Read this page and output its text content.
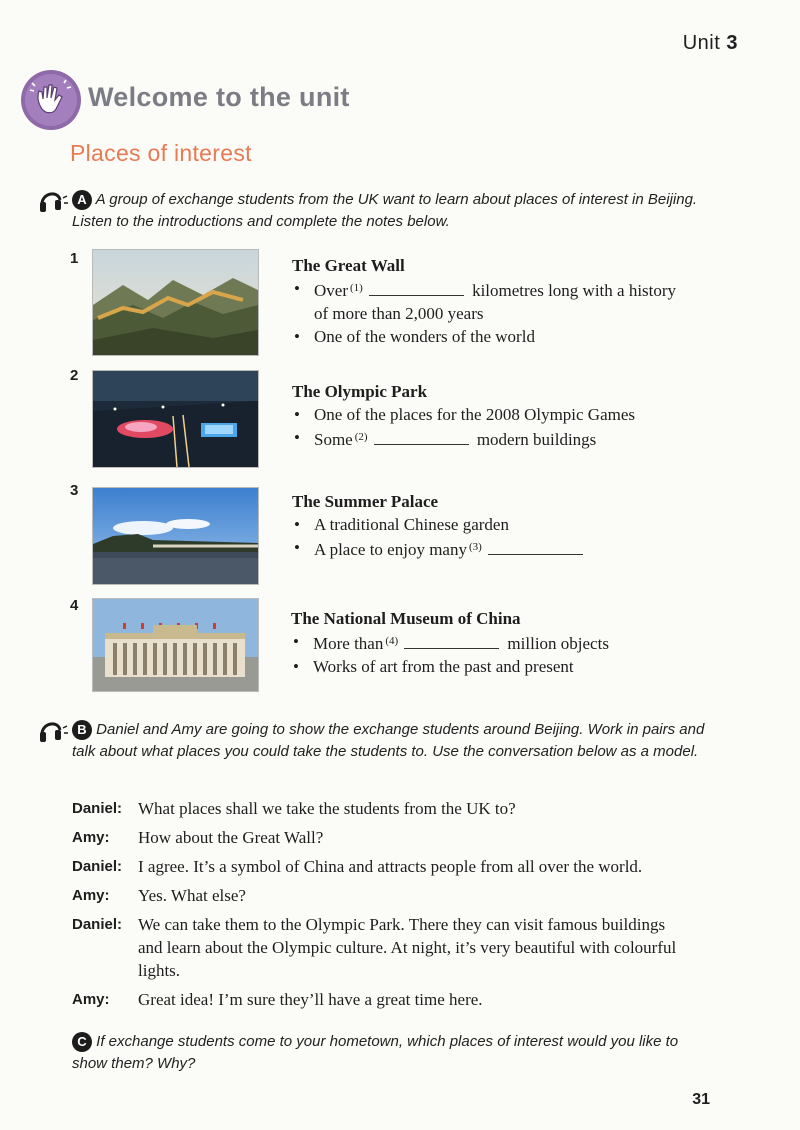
Unit 3
Welcome to the unit
Places of interest
A A group of exchange students from the UK want to learn about places of interest in Beijing. Listen to the introductions and complete the notes below.
1	The Great Wall
• Over $^{(1)}$	kilometres long with a history of more than 2,000 years
• One of the wonders of the world
2
The Olympic Park
• One of the places for the 2008 Olympic Games
• Some $^{(2)}$	modern buildings
3
The Summer Palace
• A traditional Chinese garden
• A place to enjoy many $^{(3)}$
4
The National Museum of China
• More than $^{(4)}$	million objects
• Works of art from the past and present
B Daniel and Amy are going to show the exchange students around Beijing. Work in pairs and talk about what places you could take the students to. Use the conversation below as a model.
Daniel: What places shall we take the students from the UK to?
Amy:	How about the Great Wall?
Daniel: I agree. It’s a symbol of China and attracts people from all over the world.
Amy:	Yes. What else?
Daniel: We can take them to the Olympic Park. There they can visit famous buildings and learn about the Olympic culture. At night, it’s very beautiful with colourful lights.
Amy:	Great idea! I’m sure they’ll have a great time here.
C If exchange students come to your hometown, which places of interest would you like to show them? Why?
31
